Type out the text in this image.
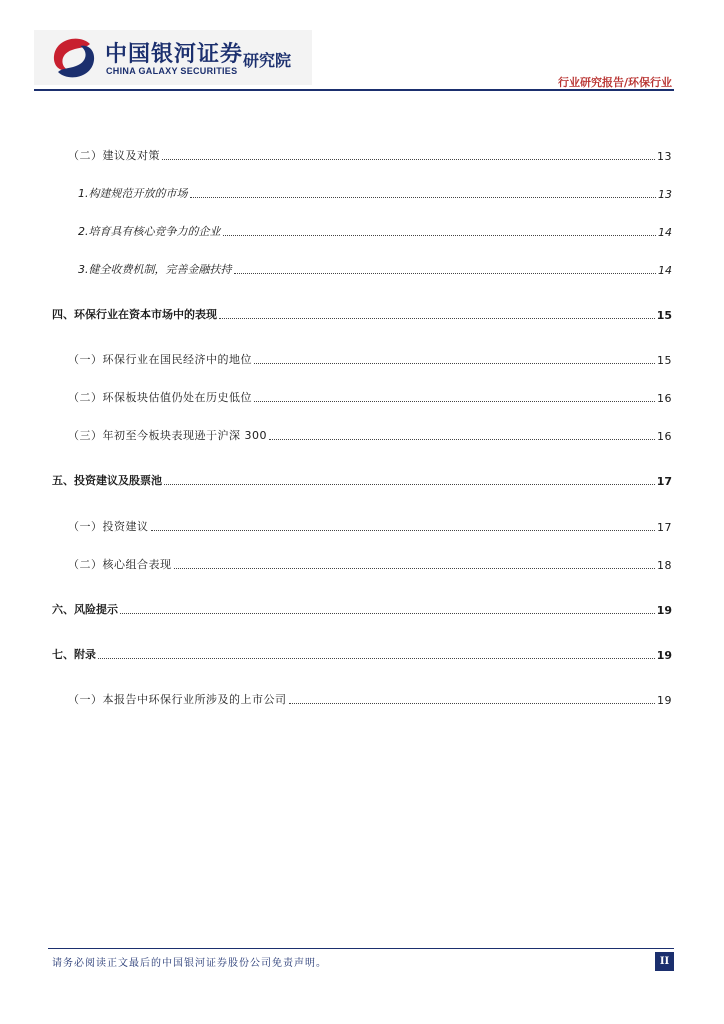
中国银河证券 研究院
CHINA GALAXY SECURITIES
行业研究报告/环保行业
（二）建议及对策	13
1.构建规范开放的市场	13
2.培育具有核心竞争力的企业	14
3.健全收费机制，完善金融扶持	14
四、环保行业在资本市场中的表现	15
（一）环保行业在国民经济中的地位	15
（二）环保板块估值仍处在历史低位	16
（三）年初至今板块表现逊于沪深 300	16
五、投资建议及股票池	17
（一）投资建议	17
（二）核心组合表现	18
六、风险提示	19
七、附录	19
（一）本报告中环保行业所涉及的上市公司	19
请务必阅读正文最后的中国银河证券股份公司免责声明。	II
